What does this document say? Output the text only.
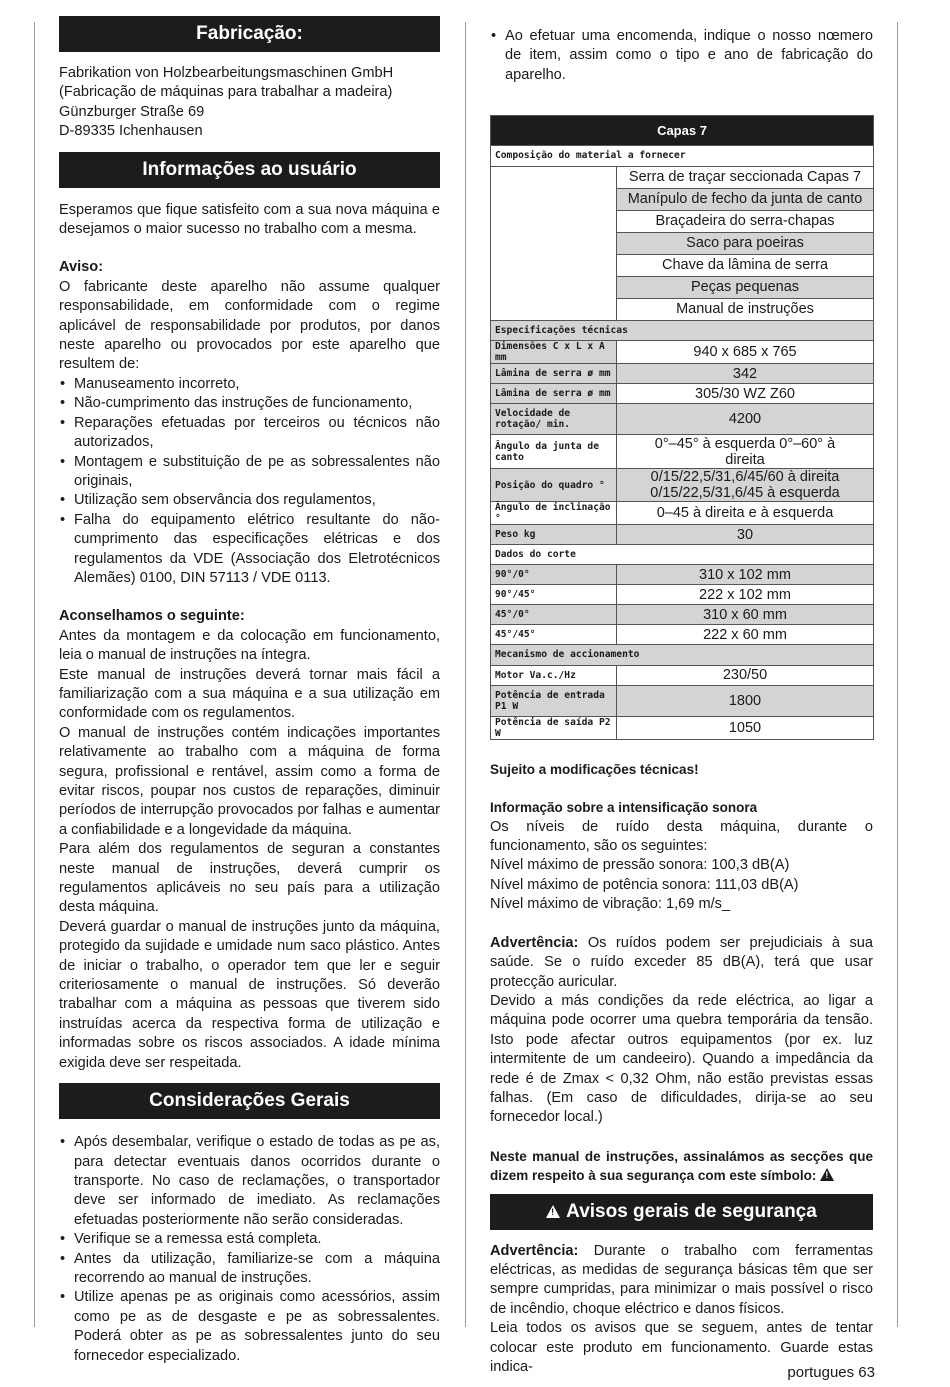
Fabricação:

Fabrikation von Holzbearbeitungsmaschinen GmbH (Fabricação de máquinas para trabalhar a madeira)

Günzburger Straße 69

D-89335 Ichenhausen

Informações ao usuário

Esperamos que fique satisfeito com a sua nova máquina e desejamos o maior sucesso no trabalho com a mesma.

Aviso:

O fabricante deste aparelho não assume qualquer responsabilidade, em conformidade com o regime aplicável de responsabilidade por produtos, por danos neste aparelho ou provocados por este aparelho que resultem de:

• Manuseamento incorreto,
• Não-cumprimento das instruções de funcionamento,
• Reparações efetuadas por terceiros ou técnicos não autorizados,
• Montagem e substituição de pe as sobressalentes não originais,
• Utilização sem observância dos regulamentos,
• Falha do equipamento elétrico resultante do não-cumprimento das especificações elétricas e dos regulamentos da VDE (Associação dos Eletrotécnicos Alemães) 0100, DIN 57113 / VDE 0113.

Aconselhamos o seguinte:

Antes da montagem e da colocação em funcionamento, leia o manual de instruções na íntegra.

Este manual de instruções deverá tornar mais fácil a familiarização com a sua máquina e a sua utilização em conformidade com os regulamentos.

O manual de instruções contém indicações importantes relativamente ao trabalho com a máquina de forma segura, profissional e rentável, assim como a forma de evitar riscos, poupar nos custos de reparações, diminuir períodos de interrupção provocados por falhas e aumentar a confiabilidade e a longevidade da máquina.

Para além dos regulamentos de seguran a constantes neste manual de instruções, deverá cumprir os regulamentos aplicáveis no seu país para a utilização desta máquina.

Deverá guardar o manual de instruções junto da máquina, protegido da sujidade e umidade num saco plástico. Antes de iniciar o trabalho, o operador tem que ler e seguir criteriosamente o manual de instruções. Só deverão trabalhar com a máquina as pessoas que tiverem sido instruídas acerca da respectiva forma de utilização e informadas sobre os riscos associados. A idade mínima exigida deve ser respeitada.

Considerações Gerais
• Após desembalar, verifique o estado de todas as pe as, para detectar eventuais danos ocorridos durante o transporte. No caso de reclamações, o transportador deve ser informado de imediato. As reclamações efetuadas posteriormente não serão consideradas.
• Verifique se a remessa está completa.
• Antes da utilização, familiarize-se com a máquina recorrendo ao manual de instruções.
• Utilize apenas pe as originais como acessórios, assim como pe as de desgaste e pe as sobressalentes. Poderá obter as pe as sobressalentes junto do seu fornecedor especializado.
• Ao efetuar uma encomenda, indique o nosso nœmero de item, assim como o tipo e ano de fabricação do aparelho.
Capas 7	
Composição do material a fornecer	
	Serra de traçar seccionada Capas 7
	Manípulo de fecho da junta de canto
	Braçadeira do serra-chapas
	Saco para poeiras
	Chave da lâmina de serra
	Peças pequenas
	Manual de instruções
Especificações técnicas	
Dimensões C x L x A mm	940 x 685 x 765
Lâmina de serra ø mm	342
Lâmina de serra ø mm	305/30 WZ Z60
Velocidade de rotação/ min.	4200
Ângulo da junta de canto	0°–45° à esquerda 0°–60° à direita
Posição do quadro °	0/15/22,5/31,6/45/60 à direita 0/15/22,5/31,6/45 à esquerda
Ângulo de inclinação °	0–45 à direita e à esquerda
Peso kg	30
Dados do corte	
90°/0°	310 x 102 mm
90°/45°	222 x 102 mm
45°/0°	310 x 60 mm
45°/45°	222 x 60 mm
Mecanismo de accionamento	
Motor Va.c./Hz	230/50
Potência de entrada P1 W	1800
Potência de saída P2 W	1050

Sujeito a modificações técnicas!

Informação sobre a intensificação sonora

Os níveis de ruído desta máquina, durante o funcionamento, são os seguintes:

Nível máximo de pressão sonora: 100,3 dB(A)

Nível máximo de potência sonora: 111,03 dB(A)

Nível máximo de vibração: 1,69 m/s_

Advertência: Os ruídos podem ser prejudiciais à sua saúde. Se o ruído exceder 85 dB(A), terá que usar protecção auricular.

Devido a más condições da rede eléctrica, ao ligar a máquina pode ocorrer uma quebra temporária da tensão. Isto pode afectar outros equipamentos (por ex. luz intermitente de um candeeiro). Quando a impedância da rede é de Zmax < 0,32 Ohm, não estão previstas essas falhas. (Em caso de dificuldades, dirija-se ao seu fornecedor local.)

Neste manual de instruções, assinalámos as secções que dizem respeito à sua segurança com este símbolo:!

!Avisos gerais de segurança

Advertência: Durante o trabalho com ferramentas eléctricas, as medidas de segurança básicas têm que ser sempre cumpridas, para minimizar o mais possível o risco de incêndio, choque eléctrico e danos físicos.

Leia todos os avisos que se seguem, antes de tentar colocar este produto em funcionamento. Guarde estas indica-	portugues 63
